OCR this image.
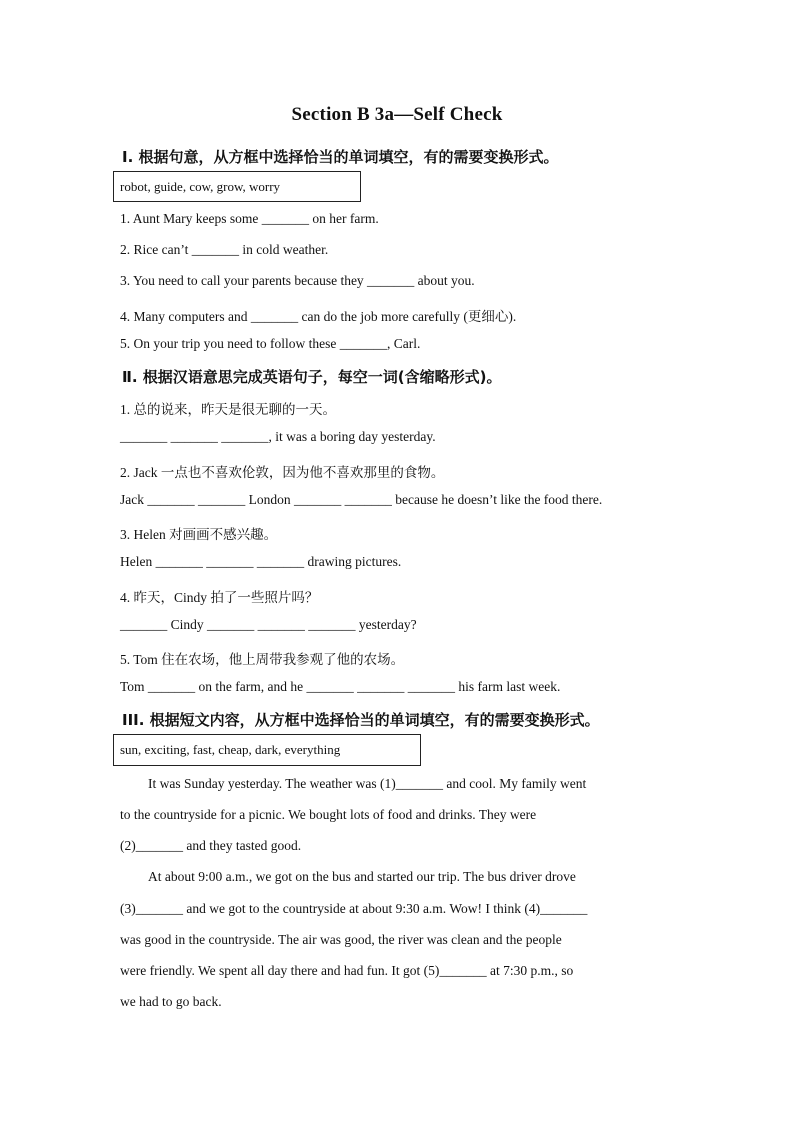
Section B 3a—Self Check
Ⅰ. 根据句意，从方框中选择恰当的单词填空，有的需要变换形式。
robot, guide, cow, grow, worry
1. Aunt Mary keeps some _______ on her farm.
2. Rice can’t _______ in cold weather.
3. You need to call your parents because they _______ about you.
4. Many computers and _______ can do the job more carefully (更细心).
5. On your trip you need to follow these _______, Carl.
Ⅱ. 根据汉语意思完成英语句子，每空一词(含缩略形式)。
1. 总的说来，昨天是很无聊的一天。
_______ _______ _______, it was a boring day yesterday.
2. Jack 一点也不喜欢伦敦，因为他不喜欢那里的食物。
Jack _______ _______ London _______ _______ because he doesn’t like the food there.
3. Helen 对画画不感兴趣。
Helen _______ _______ _______ drawing pictures.
4. 昨天，Cindy 拍了一些照片吗？
_______ Cindy _______ _______ _______ yesterday?
5. Tom 住在农场，他上周带我参观了他的农场。
Tom _______ on the farm, and he _______ _______ _______ his farm last week.
III. 根据短文内容，从方框中选择恰当的单词填空，有的需要变换形式。
sun, exciting, fast, cheap, dark, everything
It was Sunday yesterday. The weather was (1)_______ and cool. My family went
to the countryside for a picnic. We bought lots of food and drinks. They were
(2)_______ and they tasted good.
At about 9:00 a.m., we got on the bus and started our trip. The bus driver drove
(3)_______ and we got to the countryside at about 9:30 a.m. Wow! I think (4)_______
was good in the countryside. The air was good, the river was clean and the people
were friendly. We spent all day there and had fun. It got (5)_______ at 7:30 p.m., so
we had to go back.
